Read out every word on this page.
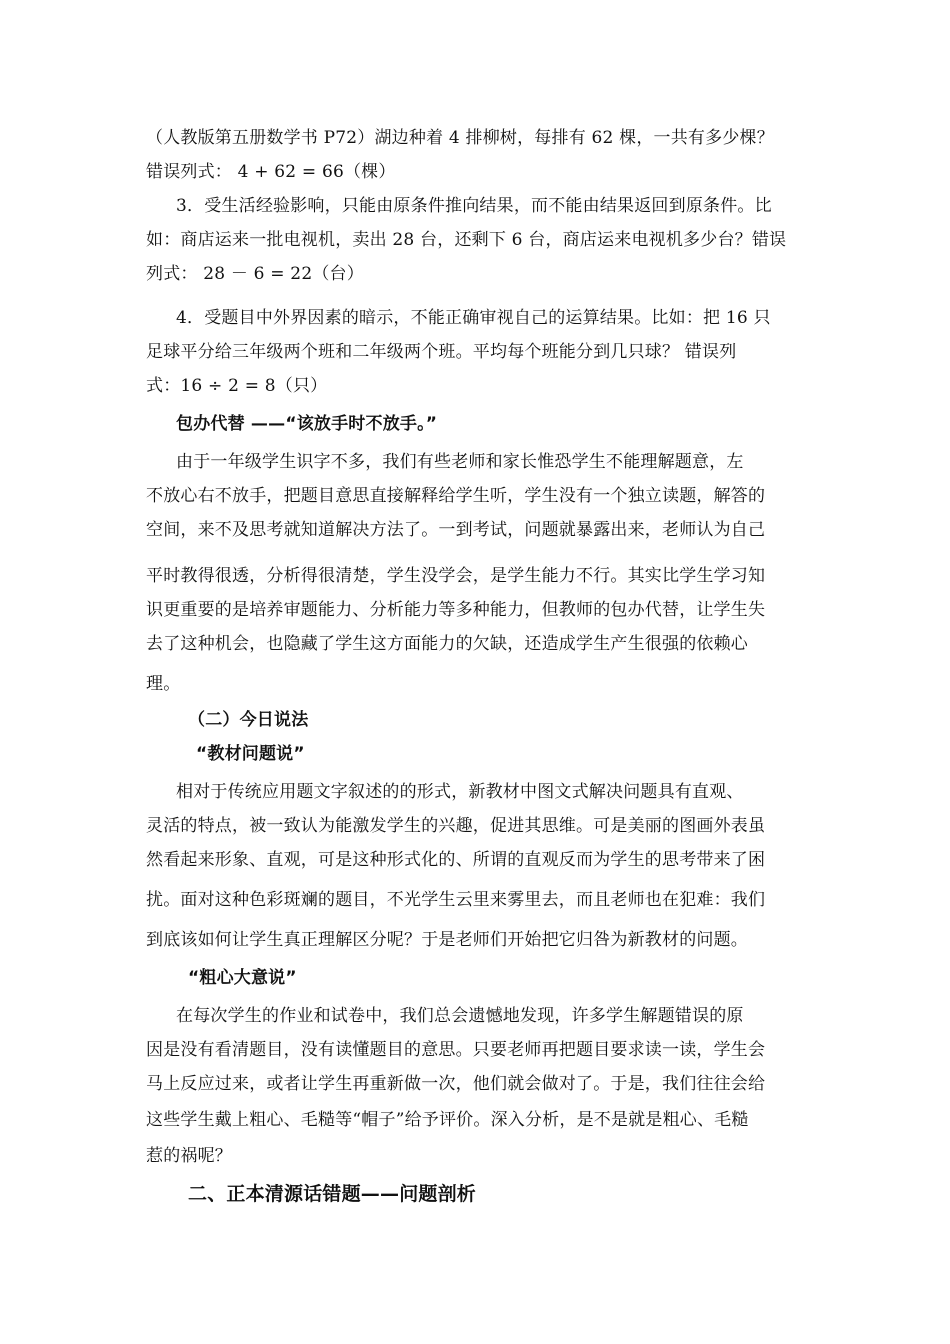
（人教版第五册数学书 P72）湖边种着 4 排柳树，每排有 62 棵，一共有多少棵？
错误列式： 4 + 62 = 66（棵）
3．受生活经验影响，只能由原条件推向结果，而不能由结果返回到原条件。比
如：商店运来一批电视机，卖出 28 台，还剩下 6 台，商店运来电视机多少台？错误
列式： 28 － 6 = 22（台）
4．受题目中外界因素的暗示，不能正确审视自己的运算结果。比如：把 16 只
足球平分给三年级两个班和二年级两个班。平均每个班能分到几只球？ 错误列
式：16 ÷ 2 = 8（只）
包办代替 ——“该放手时不放手。”
由于一年级学生识字不多，我们有些老师和家长惟恐学生不能理解题意，左
不放心右不放手，把题目意思直接解释给学生听，学生没有一个独立读题，解答的
空间，来不及思考就知道解决方法了。一到考试，问题就暴露出来，老师认为自己
平时教得很透，分析得很清楚，学生没学会，是学生能力不行。其实比学生学习知
识更重要的是培养审题能力、分析能力等多种能力，但教师的包办代替，让学生失
去了这种机会，也隐藏了学生这方面能力的欠缺，还造成学生产生很强的依赖心
理。
（二）今日说法
“教材问题说”
相对于传统应用题文字叙述的的形式，新教材中图文式解决问题具有直观、
灵活的特点，被一致认为能激发学生的兴趣，促进其思维。可是美丽的图画外表虽
然看起来形象、直观，可是这种形式化的、所谓的直观反而为学生的思考带来了困
扰。面对这种色彩斑斓的题目，不光学生云里来雾里去，而且老师也在犯难：我们
到底该如何让学生真正理解区分呢？于是老师们开始把它归咎为新教材的问题。
“粗心大意说”
在每次学生的作业和试卷中，我们总会遗憾地发现，许多学生解题错误的原
因是没有看清题目，没有读懂题目的意思。只要老师再把题目要求读一读，学生会
马上反应过来，或者让学生再重新做一次，他们就会做对了。于是，我们往往会给
这些学生戴上粗心、毛糙等“帽子”给予评价。深入分析，是不是就是粗心、毛糙
惹的祸呢？
二、正本清源话错题——问题剖析
